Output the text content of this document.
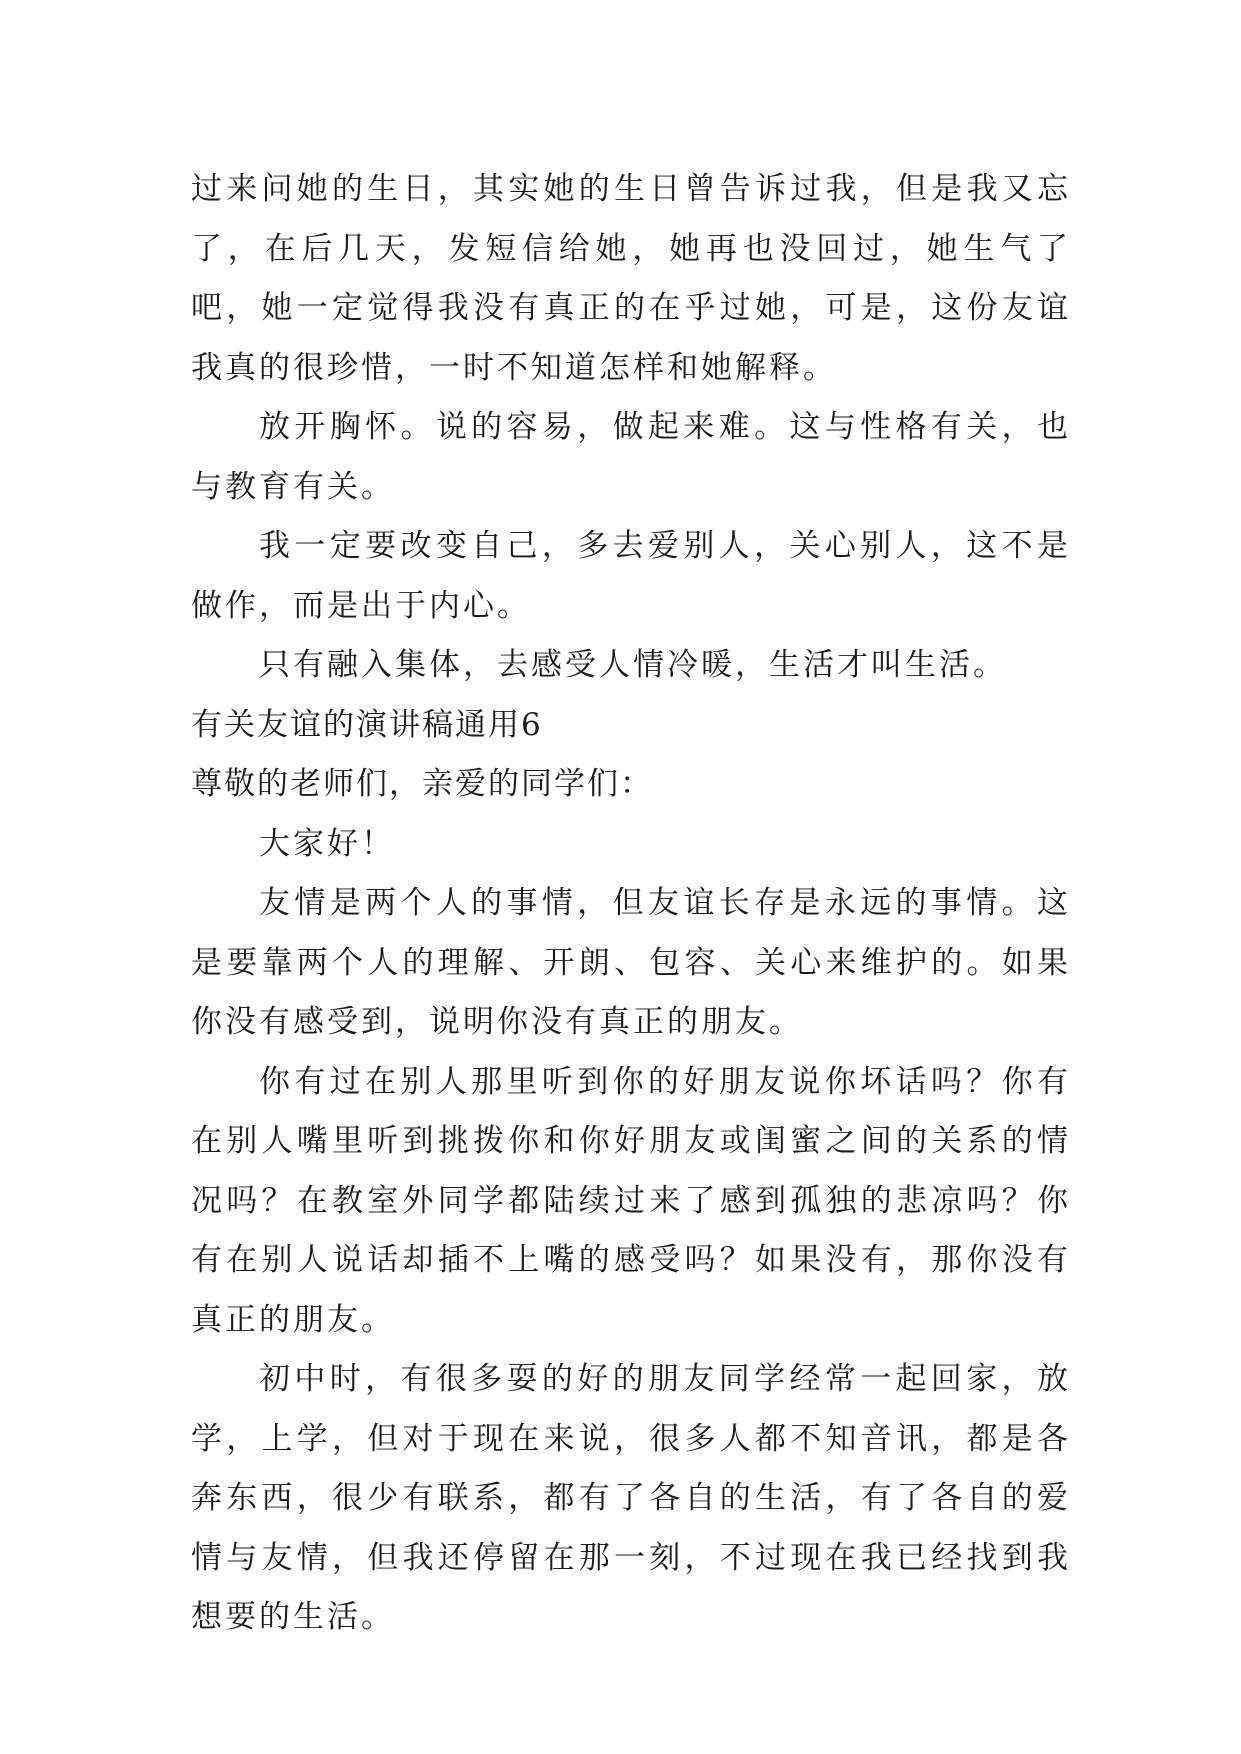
过来问她的生日，其实她的生日曾告诉过我，但是我又忘了，在后几天，发短信给她，她再也没回过，她生气了吧，她一定觉得我没有真正的在乎过她，可是，这份友谊我真的很珍惜，一时不知道怎样和她解释。

放开胸怀。说的容易，做起来难。这与性格有关，也与教育有关。

我一定要改变自己，多去爱别人，关心别人，这不是做作，而是出于内心。

只有融入集体，去感受人情冷暖，生活才叫生活。

有关友谊的演讲稿通用6

尊敬的老师们，亲爱的同学们：

大家好！

友情是两个人的事情，但友谊长存是永远的事情。这是要靠两个人的理解、开朗、包容、关心来维护的。如果你没有感受到，说明你没有真正的朋友。

你有过在别人那里听到你的好朋友说你坏话吗？你有在别人嘴里听到挑拨你和你好朋友或闺蜜之间的关系的情况吗？在教室外同学都陆续过来了感到孤独的悲凉吗？你有在别人说话却插不上嘴的感受吗？如果没有，那你没有真正的朋友。

初中时，有很多耍的好的朋友同学经常一起回家，放学，上学，但对于现在来说，很多人都不知音讯，都是各奔东西，很少有联系，都有了各自的生活，有了各自的爱情与友情，但我还停留在那一刻，不过现在我已经找到我想要的生活。
